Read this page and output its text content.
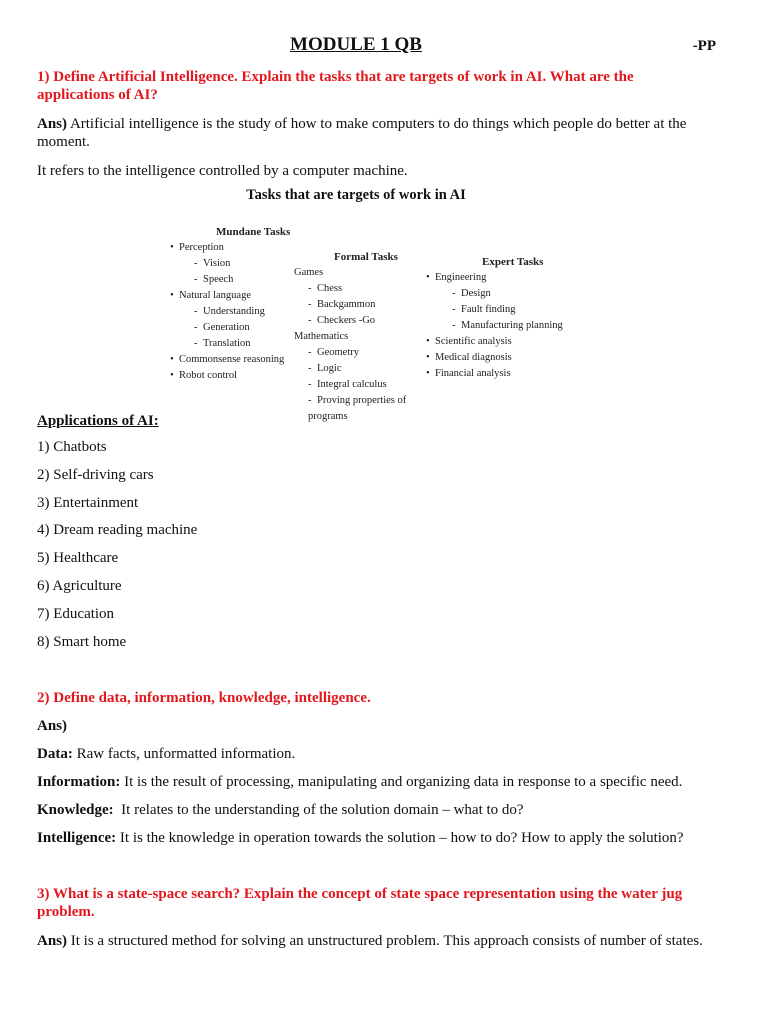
MODULE 1 QB	-PP
1) Define Artificial Intelligence. Explain the tasks that are targets of work in AI. What are the applications of AI?
Ans) Artificial intelligence is the study of how to make computers to do things which people do better at the moment.
It refers to the intelligence controlled by a computer machine.
Tasks that are targets of work in AI
Mundane Tasks
• Perception
- Vision
- Speech
• Natural language
- Understanding
- Generation
- Translation
• Commonsense reasoning
• Robot control
Formal Tasks
Games
- Chess
- Backgammon
- Checkers -Go
Mathematics
- Geometry
- Logic
- Integral calculus
- Proving properties of programs
Expert Tasks
• Engineering
- Design
- Fault finding
- Manufacturing planning
• Scientific analysis
• Medical diagnosis
• Financial analysis
Applications of AI:
1) Chatbots
2) Self-driving cars
3) Entertainment
4) Dream reading machine
5) Healthcare
6) Agriculture
7) Education
8) Smart home
2) Define data, information, knowledge, intelligence.
Ans)
Data: Raw facts, unformatted information.
Information: It is the result of processing, manipulating and organizing data in response to a specific need.
Knowledge:  It relates to the understanding of the solution domain – what to do?
Intelligence: It is the knowledge in operation towards the solution – how to do? How to apply the solution?
3) What is a state-space search? Explain the concept of state space representation using the water jug problem.
Ans) It is a structured method for solving an unstructured problem. This approach consists of number of states.
